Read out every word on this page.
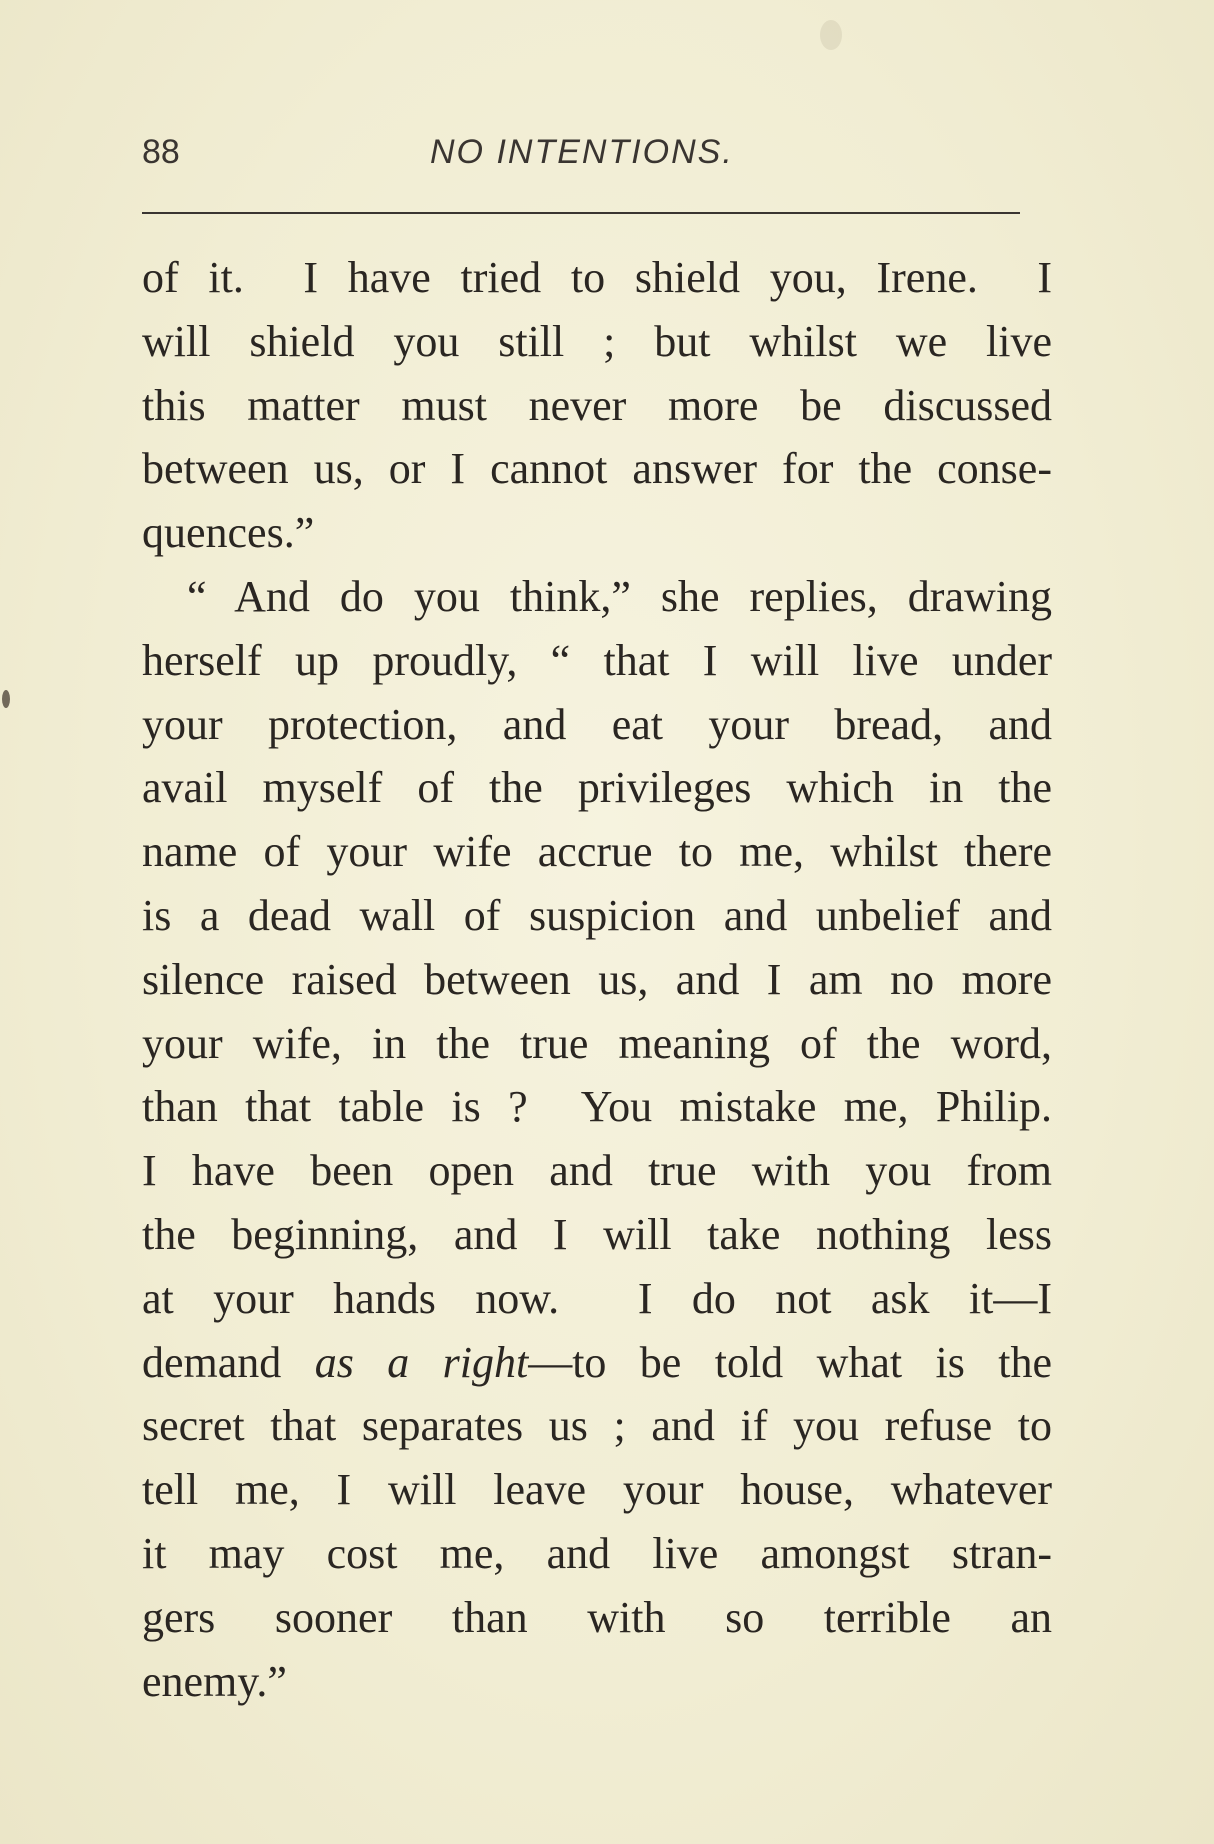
88	NO INTENTIONS.
of it.  I have tried to shield you, Irene.  I
will shield you still ; but whilst we live
this matter must never more be discussed
between us, or I cannot answer for the conse-
quences.”
“ And do you think,” she replies, drawing
herself up proudly, “ that I will live under
your protection, and eat your bread, and
avail myself of the privileges which in the
name of your wife accrue to me, whilst there
is a dead wall of suspicion and unbelief and
silence raised between us, and I am no more
your wife, in the true meaning of the word,
than that table is ?  You mistake me, Philip.
I have been open and true with you from
the beginning, and I will take nothing less
at your hands now.  I do not ask it—I
demand as a right—to be told what is the
secret that separates us ; and if you refuse to
tell me, I will leave your house, whatever
it may cost me, and live amongst stran-
gers sooner than with so terrible an
enemy.”
